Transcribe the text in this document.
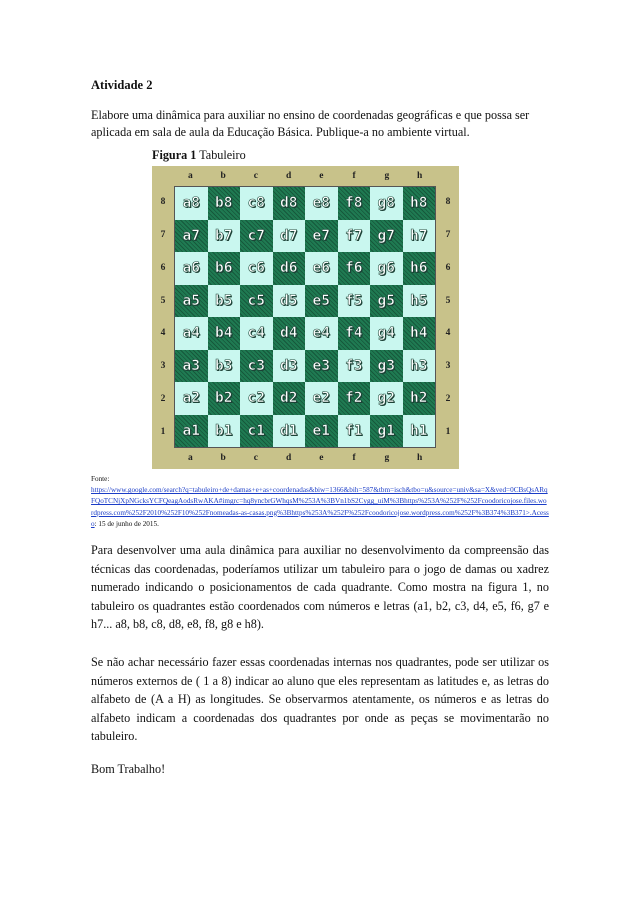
Atividade 2
Elabore uma dinâmica para auxiliar no ensino de coordenadas geográficas e que possa ser aplicada em sala de aula da Educação Básica. Publique-a no ambiente virtual.
Figura 1 Tabuleiro
a	b	c	d	e	f	g	h
a	b	c	d	e	f	g	h
8
7
6
5
4
3
2
1
8
7
6
5
4
3
2
1
a8	b8	c8	d8	e8	f8	g8	h8
a7	b7	c7	d7	e7	f7	g7	h7
a6	b6	c6	d6	e6	f6	g6	h6
a5	b5	c5	d5	e5	f5	g5	h5
a4	b4	c4	d4	e4	f4	g4	h4
a3	b3	c3	d3	e3	f3	g3	h3
a2	b2	c2	d2	e2	f2	g2	h2
a1	b1	c1	d1	e1	f1	g1	h1
Fonte:
https://www.google.com/search?q=tabuleiro+de+damas+e+as+coordenadas&biw=1366&bih=587&tbm=isch&tbo=u&source=univ&sa=X&ved=0CBsQsARqFQoTCNjXpNGcksYCFQeagAodsRwAKA#imgrc=hq8yncbrGWhqsM%253A%3BVn1bS2Cygg_uiM%3Bhttps%253A%252F%252Fcoodoricojose.files.wordpress.com%252F2010%252F10%252Fnomeadas-as-casas.png%3Bhttps%253A%252F%252Fcoodoricojose.wordpress.com%252F%3B374%3B371>.Acesso: 15 de junho de 2015.
Para desenvolver uma aula dinâmica para auxiliar no desenvolvimento da compreensão das técnicas das coordenadas, poderíamos utilizar um tabuleiro para o jogo de damas ou xadrez numerado indicando o posicionamentos de cada quadrante. Como mostra na figura 1, no tabuleiro os quadrantes estão coordenados com números e letras (a1, b2, c3, d4, e5, f6, g7 e h7... a8, b8, c8, d8, e8, f8, g8 e h8).
Se não achar necessário fazer essas coordenadas internas nos quadrantes, pode ser utilizar os números externos de ( 1 a 8) indicar ao aluno que eles representam as latitudes e, as letras do alfabeto de (A a H) as longitudes. Se observarmos atentamente, os números e as letras do alfabeto indicam a coordenadas dos quadrantes por onde as peças se movimentarão no tabuleiro.
Bom Trabalho!
